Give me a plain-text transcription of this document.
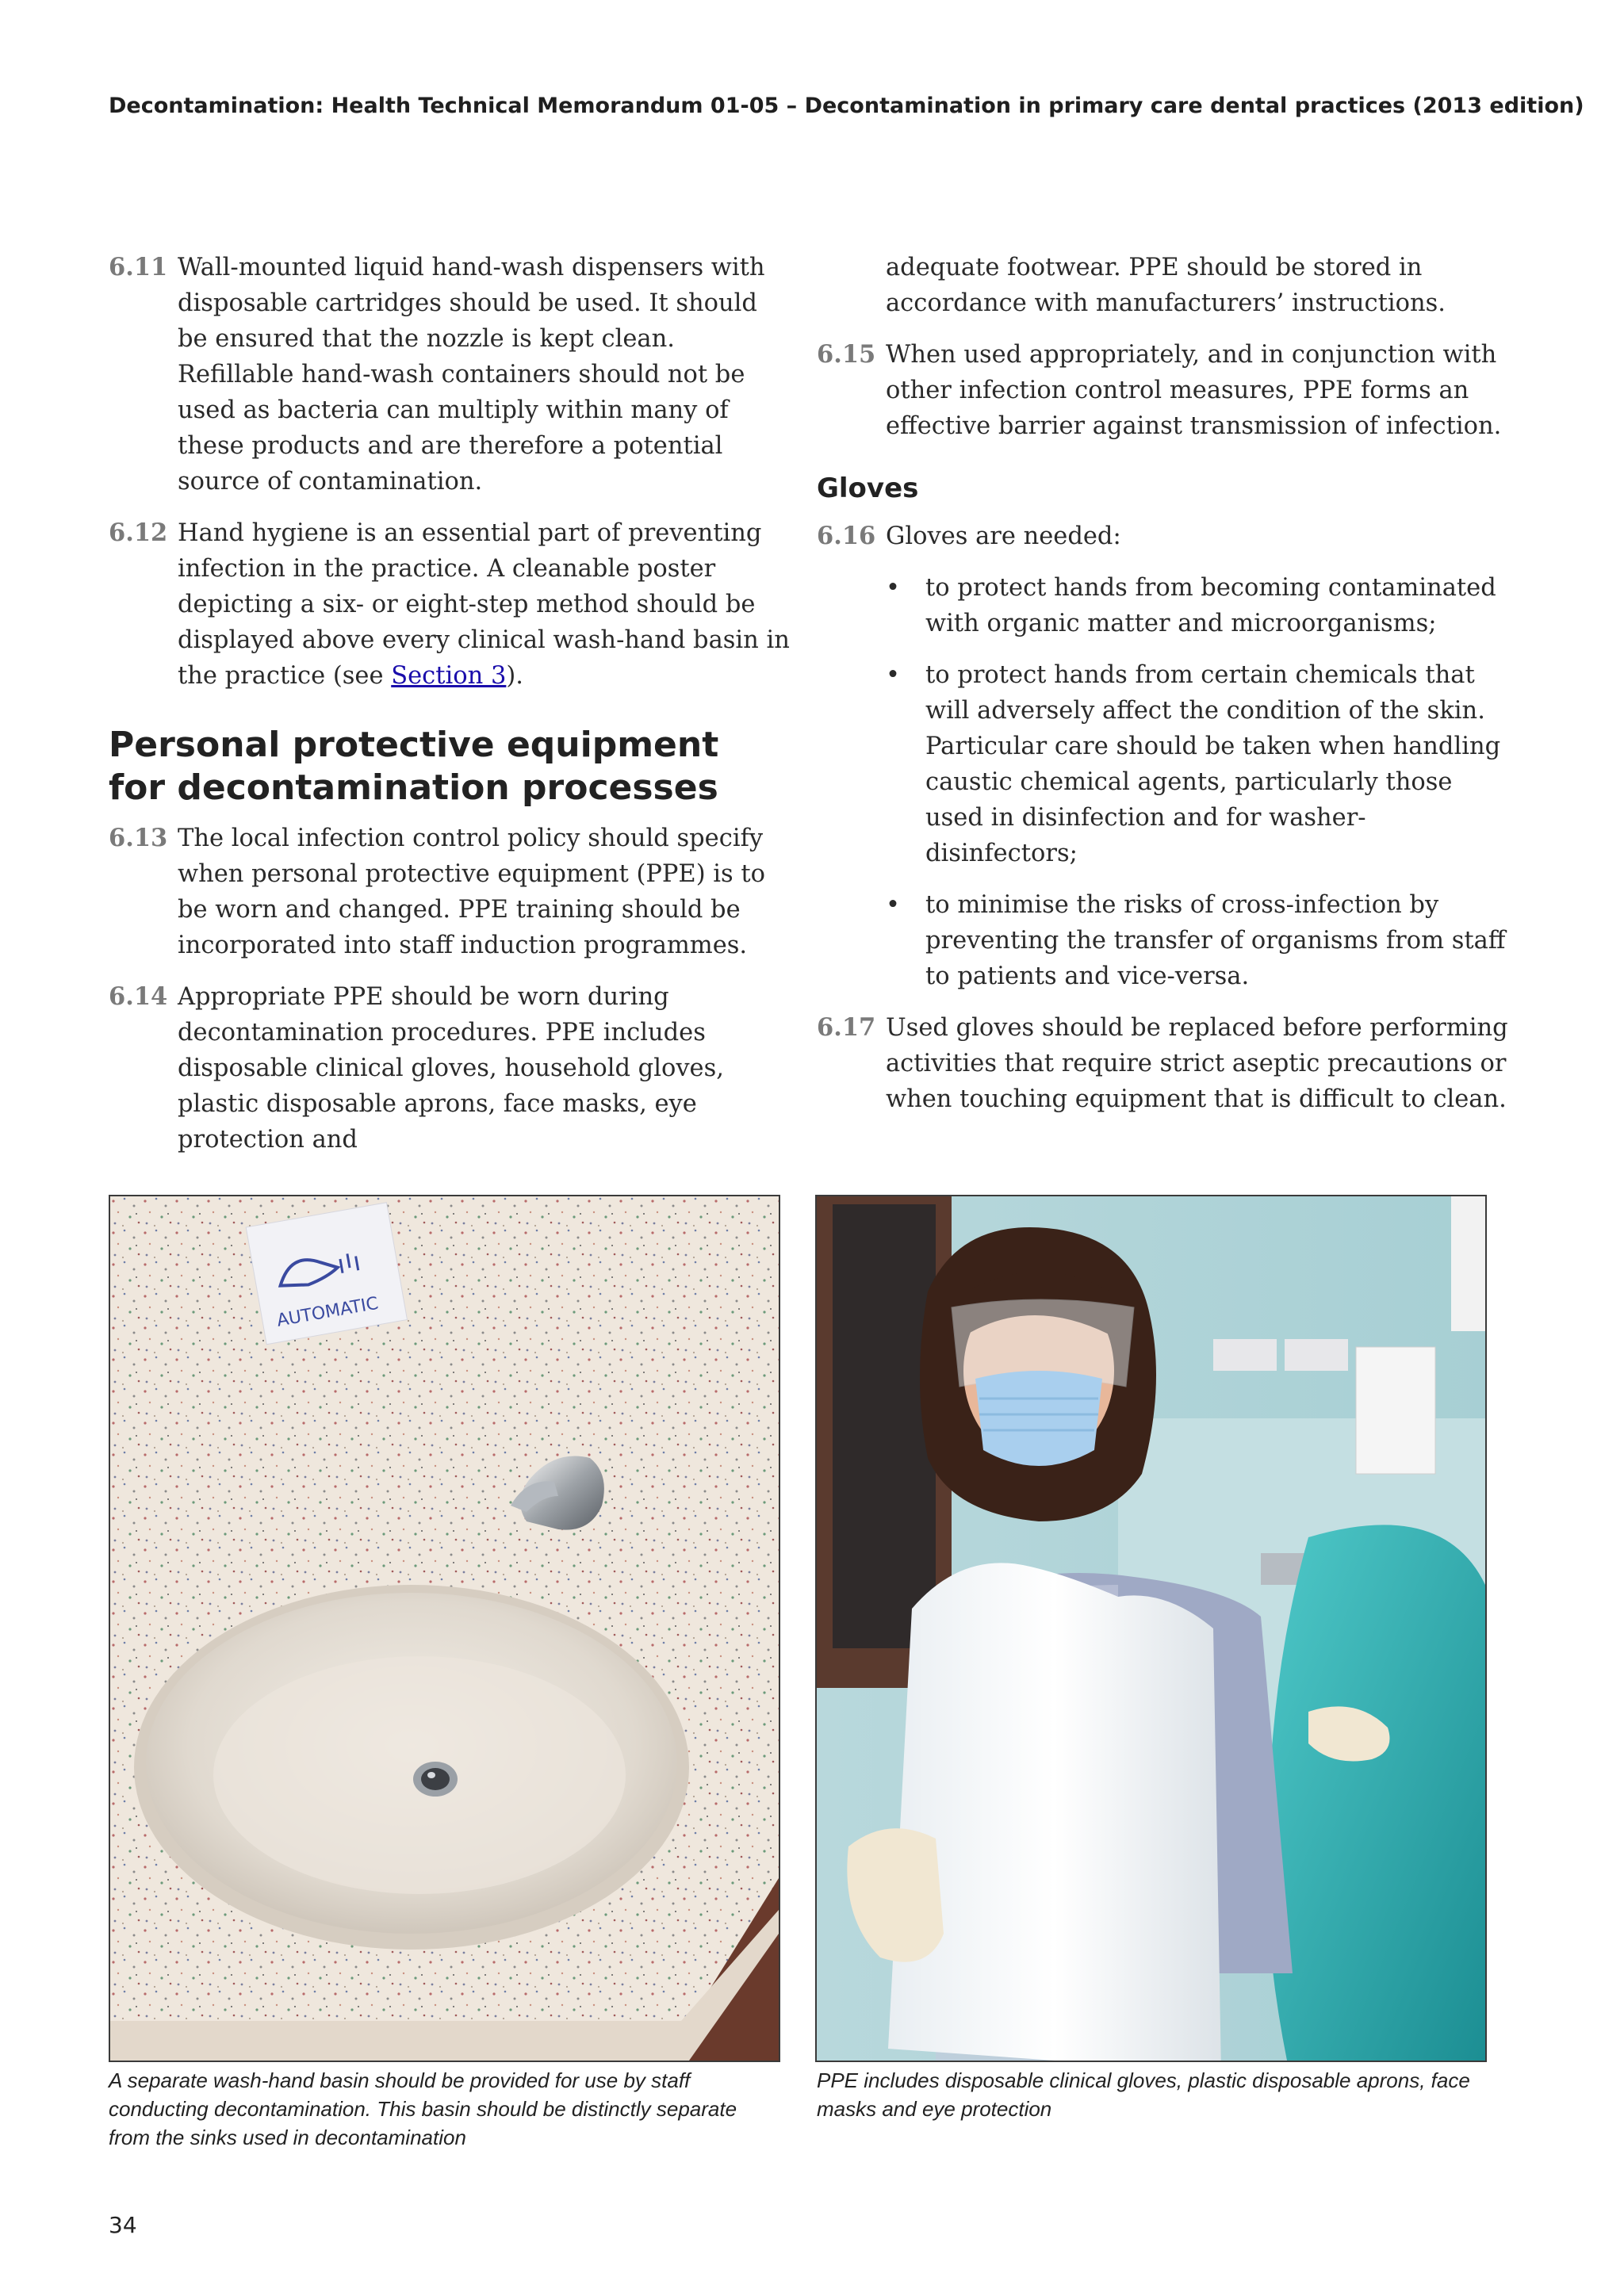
Decontamination: Health Technical Memorandum 01-05 – Decontamination in primary care dental practices (2013 edition)
6.11 Wall-mounted liquid hand-wash dispensers with disposable cartridges should be used. It should be ensured that the nozzle is kept clean. Refillable hand-wash containers should not be used as bacteria can multiply within many of these products and are therefore a potential source of contamination.
6.12 Hand hygiene is an essential part of preventing infection in the practice. A cleanable poster depicting a six- or eight-step method should be displayed above every clinical wash-hand basin in the practice (see Section 3).
Personal protective equipment for decontamination processes
6.13 The local infection control policy should specify when personal protective equipment (PPE) is to be worn and changed. PPE training should be incorporated into staff induction programmes.
6.14 Appropriate PPE should be worn during decontamination procedures. PPE includes disposable clinical gloves, household gloves, plastic disposable aprons, face masks, eye protection and
adequate footwear. PPE should be stored in accordance with manufacturers’ instructions.
6.15 When used appropriately, and in conjunction with other infection control measures, PPE forms an effective barrier against transmission of infection.
Gloves
6.16 Gloves are needed:
• to protect hands from becoming contaminated with organic matter and microorganisms;
• to protect hands from certain chemicals that will adversely affect the condition of the skin. Particular care should be taken when handling caustic chemical agents, particularly those used in disinfection and for washer-disinfectors;
• to minimise the risks of cross-infection by preventing the transfer of organisms from staff to patients and vice-versa.
6.17 Used gloves should be replaced before performing activities that require strict aseptic precautions or when touching equipment that is difficult to clean.
AUTOMATIC
A separate wash-hand basin should be provided for use by staff conducting decontamination. This basin should be distinctly separate from the sinks used in decontamination
PPE includes disposable clinical gloves, plastic disposable aprons, face masks and eye protection
34
